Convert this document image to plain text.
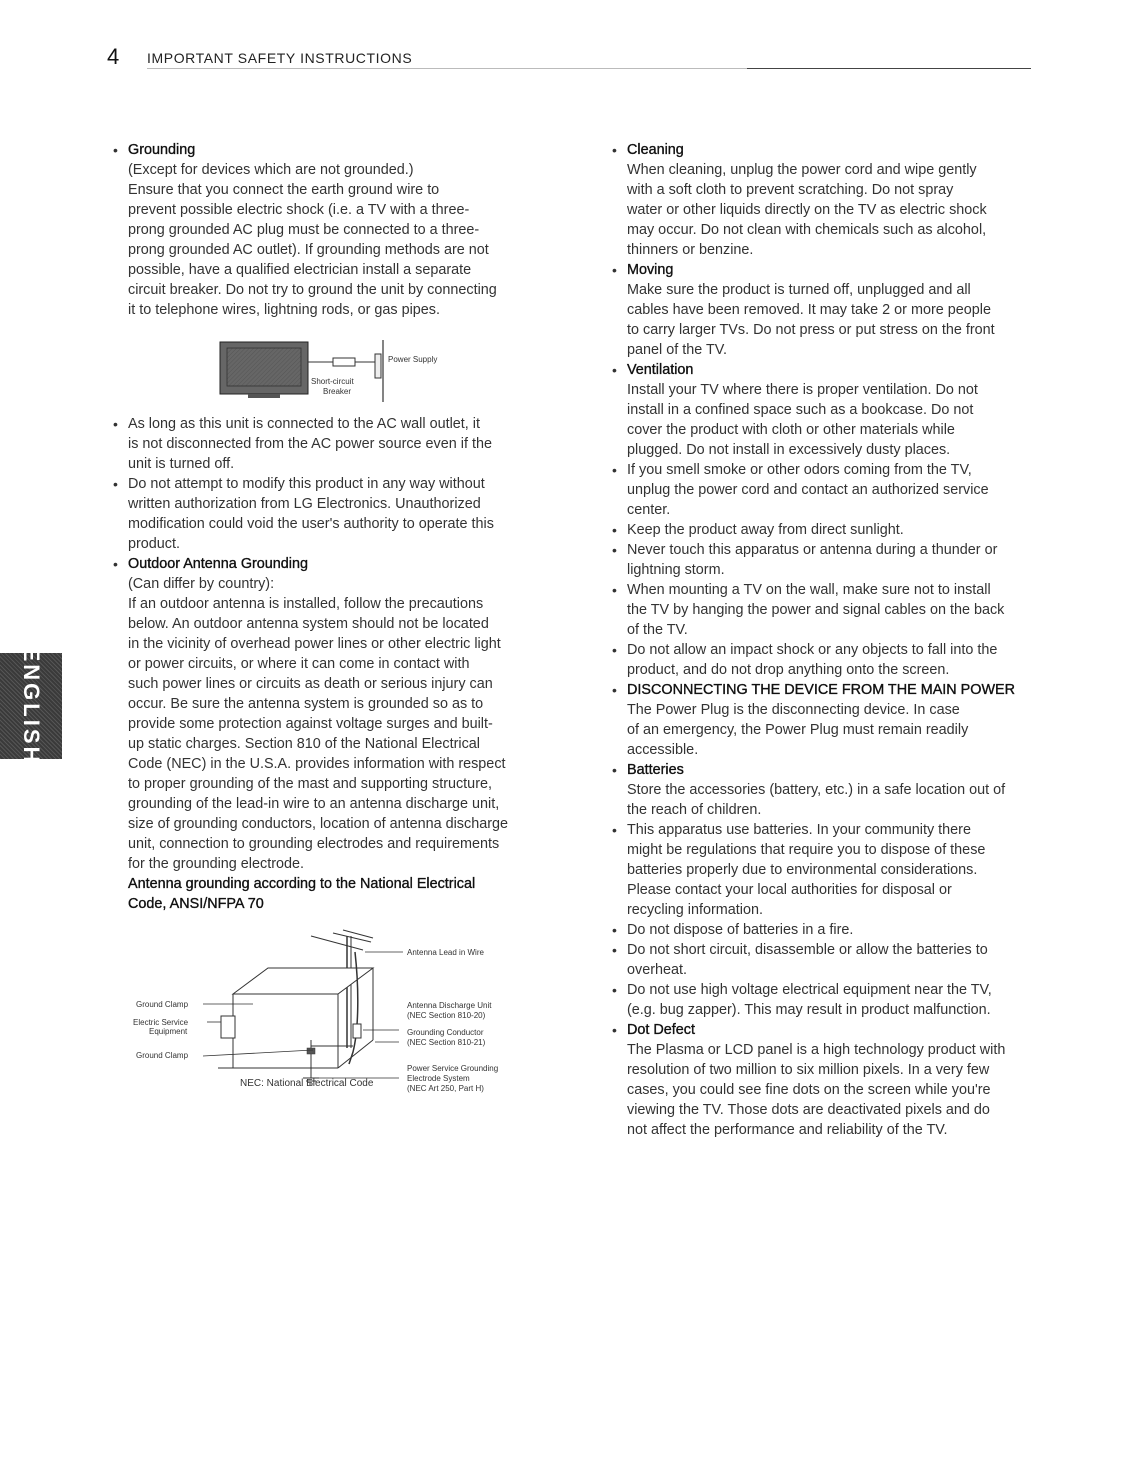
4 IMPORTANT SAFETY INSTRUCTIONS
ENGLISH
• Grounding
(Except for devices which are not grounded.)
Ensure that you connect the earth ground wire to
prevent possible electric shock (i.e. a TV with a three-
prong grounded AC plug must be connected to a three-
prong grounded AC outlet). If grounding methods are not
possible, have a qualified electrician install a separate
circuit breaker. Do not try to ground the unit by connecting
it to telephone wires, lightning rods, or gas pipes.
Power Supply
Short-circuit
Breaker
• As long as this unit is connected to the AC wall outlet, it
is not disconnected from the AC power source even if the
unit is turned off.
• Do not attempt to modify this product in any way without
written authorization from LG Electronics. Unauthorized
modification could void the user's authority to operate this
product.
• Outdoor Antenna Grounding
(Can differ by country):
If an outdoor antenna is installed, follow the precautions
below. An outdoor antenna system should not be located
in the vicinity of overhead power lines or other electric light
or power circuits, or where it can come in contact with
such power lines or circuits as death or serious injury can
occur. Be sure the antenna system is grounded so as to
provide some protection against voltage surges and built-
up static charges. Section 810 of the National Electrical
Code (NEC) in the U.S.A. provides information with respect
to proper grounding of the mast and supporting structure,
grounding of the lead-in wire to an antenna discharge unit,
size of grounding conductors, location of antenna discharge
unit, connection to grounding electrodes and requirements
for the grounding electrode.
Antenna grounding according to the National Electrical
Code, ANSI/NFPA 70
Antenna Lead in Wire
Ground Clamp
Electric Service
Equipment
Ground Clamp
Antenna Discharge Unit
(NEC Section 810-20)
Grounding Conductor
(NEC Section 810-21)
Power Service Grounding
Electrode System
(NEC Art 250, Part H)
NEC: National Electrical Code
• Cleaning
When cleaning, unplug the power cord and wipe gently
with a soft cloth to prevent scratching. Do not spray
water or other liquids directly on the TV as electric shock
may occur. Do not clean with chemicals such as alcohol,
thinners or benzine.
• Moving
Make sure the product is turned off, unplugged and all
cables have been removed. It may take 2 or more people
to carry larger TVs. Do not press or put stress on the front
panel of the TV.
• Ventilation
Install your TV where there is proper ventilation. Do not
install in a confined space such as a bookcase. Do not
cover the product with cloth or other materials while
plugged. Do not install in excessively dusty places.
• If you smell smoke or other odors coming from the TV,
unplug the power cord and contact an authorized service
center.
• Keep the product away from direct sunlight.
• Never touch this apparatus or antenna during a thunder or
lightning storm.
• When mounting a TV on the wall, make sure not to install
the TV by hanging the power and signal cables on the back
of the TV.
• Do not allow an impact shock or any objects to fall into the
product, and do not drop anything onto the screen.
• DISCONNECTING THE DEVICE FROM THE MAIN POWER
The Power Plug is the disconnecting device. In case
of an emergency, the Power Plug must remain readily
accessible.
• Batteries
Store the accessories (battery, etc.) in a safe location out of
the reach of children.
• This apparatus use batteries. In your community there
might be regulations that require you to dispose of these
batteries properly due to environmental considerations.
Please contact your local authorities for disposal or
recycling information.
• Do not dispose of batteries in a fire.
• Do not short circuit, disassemble or allow the batteries to
overheat.
• Do not use high voltage electrical equipment near the TV,
(e.g. bug zapper). This may result in product malfunction.
• Dot Defect
The Plasma or LCD panel is a high technology product with
resolution of two million to six million pixels. In a very few
cases, you could see fine dots on the screen while you're
viewing the TV. Those dots are deactivated pixels and do
not affect the performance and reliability of the TV.
